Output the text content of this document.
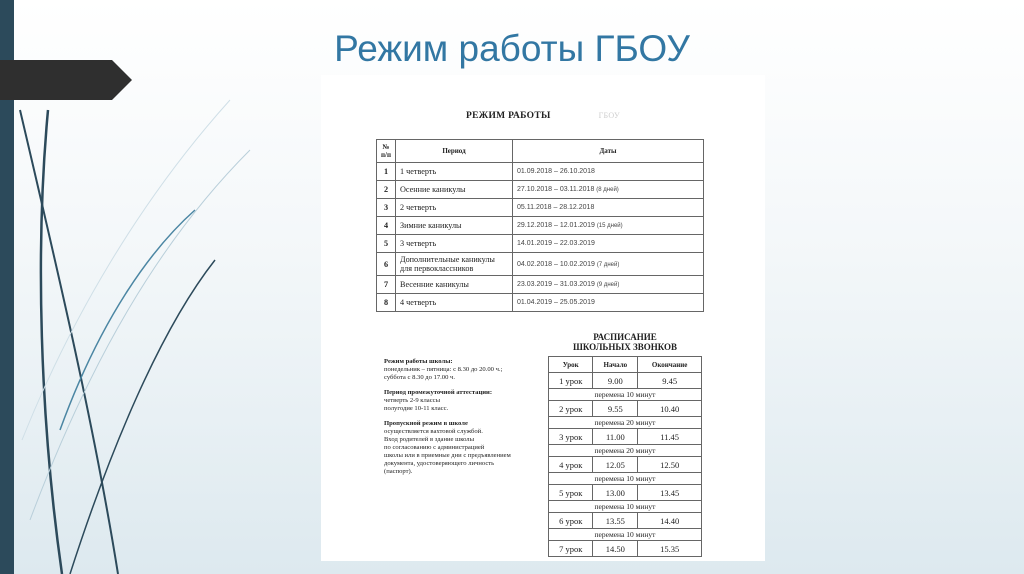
Режим работы ГБОУ
РЕЖИМ РАБОТЫ	ГБОУ
№ п/п	Период	Даты
1	1 четверть	01.09.2018 – 26.10.2018
2	Осенние каникулы	27.10.2018 – 03.11.2018 (8 дней)
3	2 четверть	05.11.2018 – 28.12.2018
4	Зимние каникулы	29.12.2018 – 12.01.2019 (15 дней)
5	3 четверть	14.01.2019 – 22.03.2019
6	Дополнительные каникулы для первоклассников	04.02.2018 – 10.02.2019 (7 дней)
7	Весенние каникулы	23.03.2019 – 31.03.2019 (9 дней)
8	4 четверть	01.04.2019 – 25.05.2019
РАСПИСАНИЕ
ШКОЛЬНЫХ ЗВОНКОВ
Урок	Начало	Окончание
1 урок	9.00	9.45
перемена 10 минут		
2 урок	9.55	10.40
перемена 20 минут		
3 урок	11.00	11.45
перемена 20 минут		
4 урок	12.05	12.50
перемена 10 минут		
5 урок	13.00	13.45
перемена 10 минут		
6 урок	13.55	14.40
перемена 10 минут		
7 урок	14.50	15.35

Режим работы школы:
понедельник – пятница: с 8.30 до 20.00 ч.;
суббота с 8.30 до 17.00 ч.

Период промежуточной аттестации:
четверть 2-9 классы
полугодие 10-11 класс.

Пропускной режим в школе
осуществляется вахтовой службой.
Вход родителей в здание школы
по согласованию с администрацией
школы или в приемные дни с предъявлением
документа, удостоверяющего личность
(паспорт).
